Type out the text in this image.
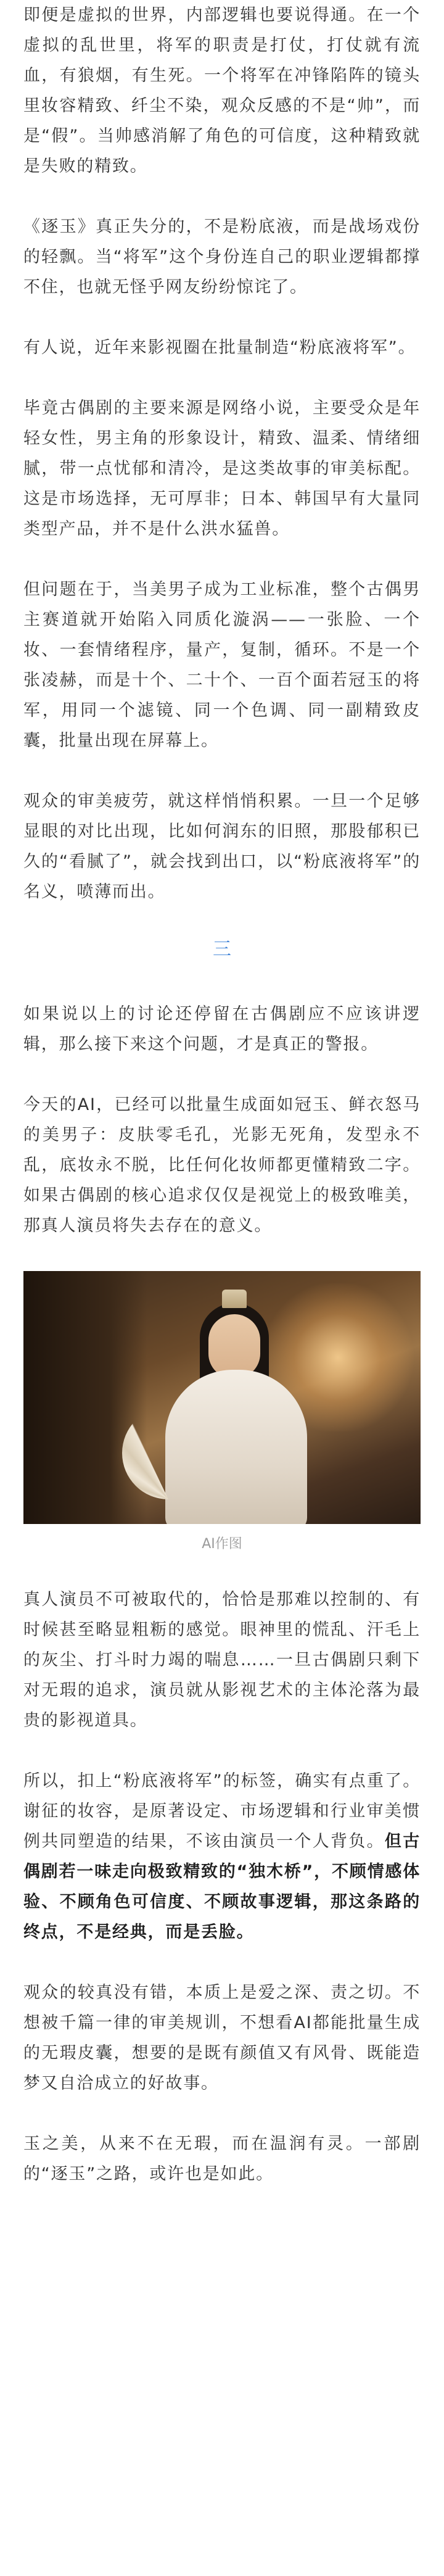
即便是虚拟的世界，内部逻辑也要说得通。在一个虚拟的乱世里，将军的职责是打仗，打仗就有流血，有狼烟，有生死。一个将军在冲锋陷阵的镜头里妆容精致、纤尘不染，观众反感的不是“帅”，而是“假”。当帅感消解了角色的可信度，这种精致就是失败的精致。

《逐玉》真正失分的，不是粉底液，而是战场戏份的轻飘。当“将军”这个身份连自己的职业逻辑都撑不住，也就无怪乎网友纷纷惊诧了。

有人说，近年来影视圈在批量制造“粉底液将军”。

毕竟古偶剧的主要来源是网络小说，主要受众是年轻女性，男主角的形象设计，精致、温柔、情绪细腻，带一点忧郁和清冷，是这类故事的审美标配。这是市场选择，无可厚非；日本、韩国早有大量同类型产品，并不是什么洪水猛兽。

但问题在于，当美男子成为工业标准，整个古偶男主赛道就开始陷入同质化漩涡——一张脸、一个妆、一套情绪程序，量产，复制，循环。不是一个张凌赫，而是十个、二十个、一百个面若冠玉的将军，用同一个滤镜、同一个色调、同一副精致皮囊，批量出现在屏幕上。

观众的审美疲劳，就这样悄悄积累。一旦一个足够显眼的对比出现，比如何润东的旧照，那股郁积已久的“看腻了”，就会找到出口，以“粉底液将军”的名义，喷薄而出。

三

如果说以上的讨论还停留在古偶剧应不应该讲逻辑，那么接下来这个问题，才是真正的警报。

今天的AI，已经可以批量生成面如冠玉、鲜衣怒马的美男子：皮肤零毛孔，光影无死角，发型永不乱，底妆永不脱，比任何化妆师都更懂精致二字。如果古偶剧的核心追求仅仅是视觉上的极致唯美，那真人演员将失去存在的意义。

AI作图

真人演员不可被取代的，恰恰是那难以控制的、有时候甚至略显粗粝的感觉。眼神里的慌乱、汗毛上的灰尘、打斗时力竭的喘息……一旦古偶剧只剩下对无瑕的追求，演员就从影视艺术的主体沦落为最贵的影视道具。

所以，扣上“粉底液将军”的标签，确实有点重了。谢征的妆容，是原著设定、市场逻辑和行业审美惯例共同塑造的结果，不该由演员一个人背负。但古偶剧若一味走向极致精致的“独木桥”，不顾情感体验、不顾角色可信度、不顾故事逻辑，那这条路的终点，不是经典，而是丢脸。

观众的较真没有错，本质上是爱之深、责之切。不想被千篇一律的审美规训，不想看AI都能批量生成的无瑕皮囊，想要的是既有颜值又有风骨、既能造梦又自洽成立的好故事。

玉之美，从来不在无瑕，而在温润有灵。一部剧的“逐玉”之路，或许也是如此。
